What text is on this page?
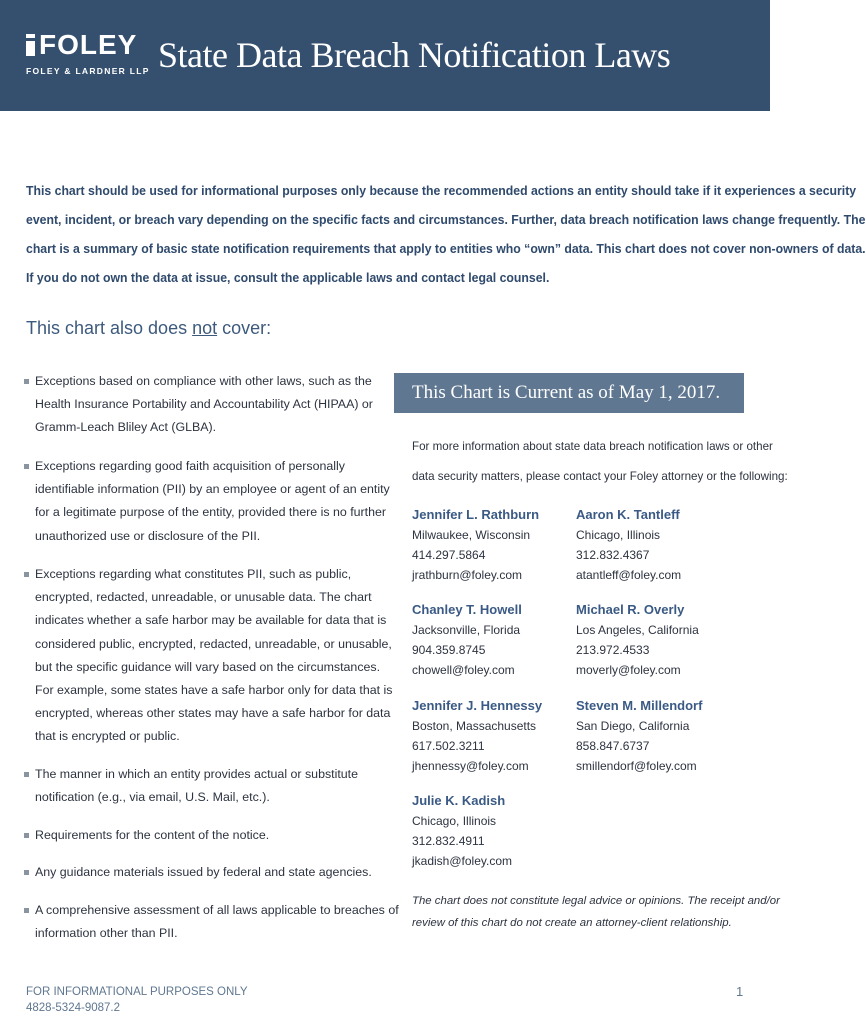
FOLEY
FOLEY & LARDNER LLP State Data Breach Notification Laws

This chart should be used for informational purposes only because the recommended actions an entity should take if it experiences a security

event, incident, or breach vary depending on the specific facts and circumstances. Further, data breach notification laws change frequently. The

chart is a summary of basic state notification requirements that apply to entities who “own” data. This chart does not cover non-owners of data.

If you do not own the data at issue, consult the applicable laws and contact legal counsel.

This chart also does not cover:
Exceptions based on compliance with other laws, such as the
Health Insurance Portability and Accountability Act (HIPAA) or
Gramm-Leach Bliley Act (GLBA).
Exceptions regarding good faith acquisition of personally
identifiable information (PII) by an employee or agent of an entity
for a legitimate purpose of the entity, provided there is no further
unauthorized use or disclosure of the PII.
Exceptions regarding what constitutes PII, such as public,
encrypted, redacted, unreadable, or unusable data. The chart
indicates whether a safe harbor may be available for data that is
considered public, encrypted, redacted, unreadable, or unusable,
but the specific guidance will vary based on the circumstances.
For example, some states have a safe harbor only for data that is
encrypted, whereas other states may have a safe harbor for data
that is encrypted or public.
The manner in which an entity provides actual or substitute
notification (e.g., via email, U.S. Mail, etc.).
Requirements for the content of the notice.
Any guidance materials issued by federal and state agencies.
A comprehensive assessment of all laws applicable to breaches of
information other than PII.
This Chart is Current as of May 1, 2017.
For more information about state data breach notification laws or other
data security matters, please contact your Foley attorney or the following:
Jennifer L. Rathburn
Milwaukee, Wisconsin
414.297.5864
jrathburn@foley.com
Aaron K. Tantleff
Chicago, Illinois
312.832.4367
atantleff@foley.com
Chanley T. Howell
Jacksonville, Florida
904.359.8745
chowell@foley.com
Michael R. Overly
Los Angeles, California
213.972.4533
moverly@foley.com
Jennifer J. Hennessy
Boston, Massachusetts
617.502.3211
jhennessy@foley.com
Steven M. Millendorf
San Diego, California
858.847.6737
smillendorf@foley.com
Julie K. Kadish
Chicago, Illinois
312.832.4911
jkadish@foley.com
The chart does not constitute legal advice or opinions. The receipt and/or
review of this chart do not create an attorney-client relationship.
FOR INFORMATIONAL PURPOSES ONLY
4828-5324-9087.2
1
